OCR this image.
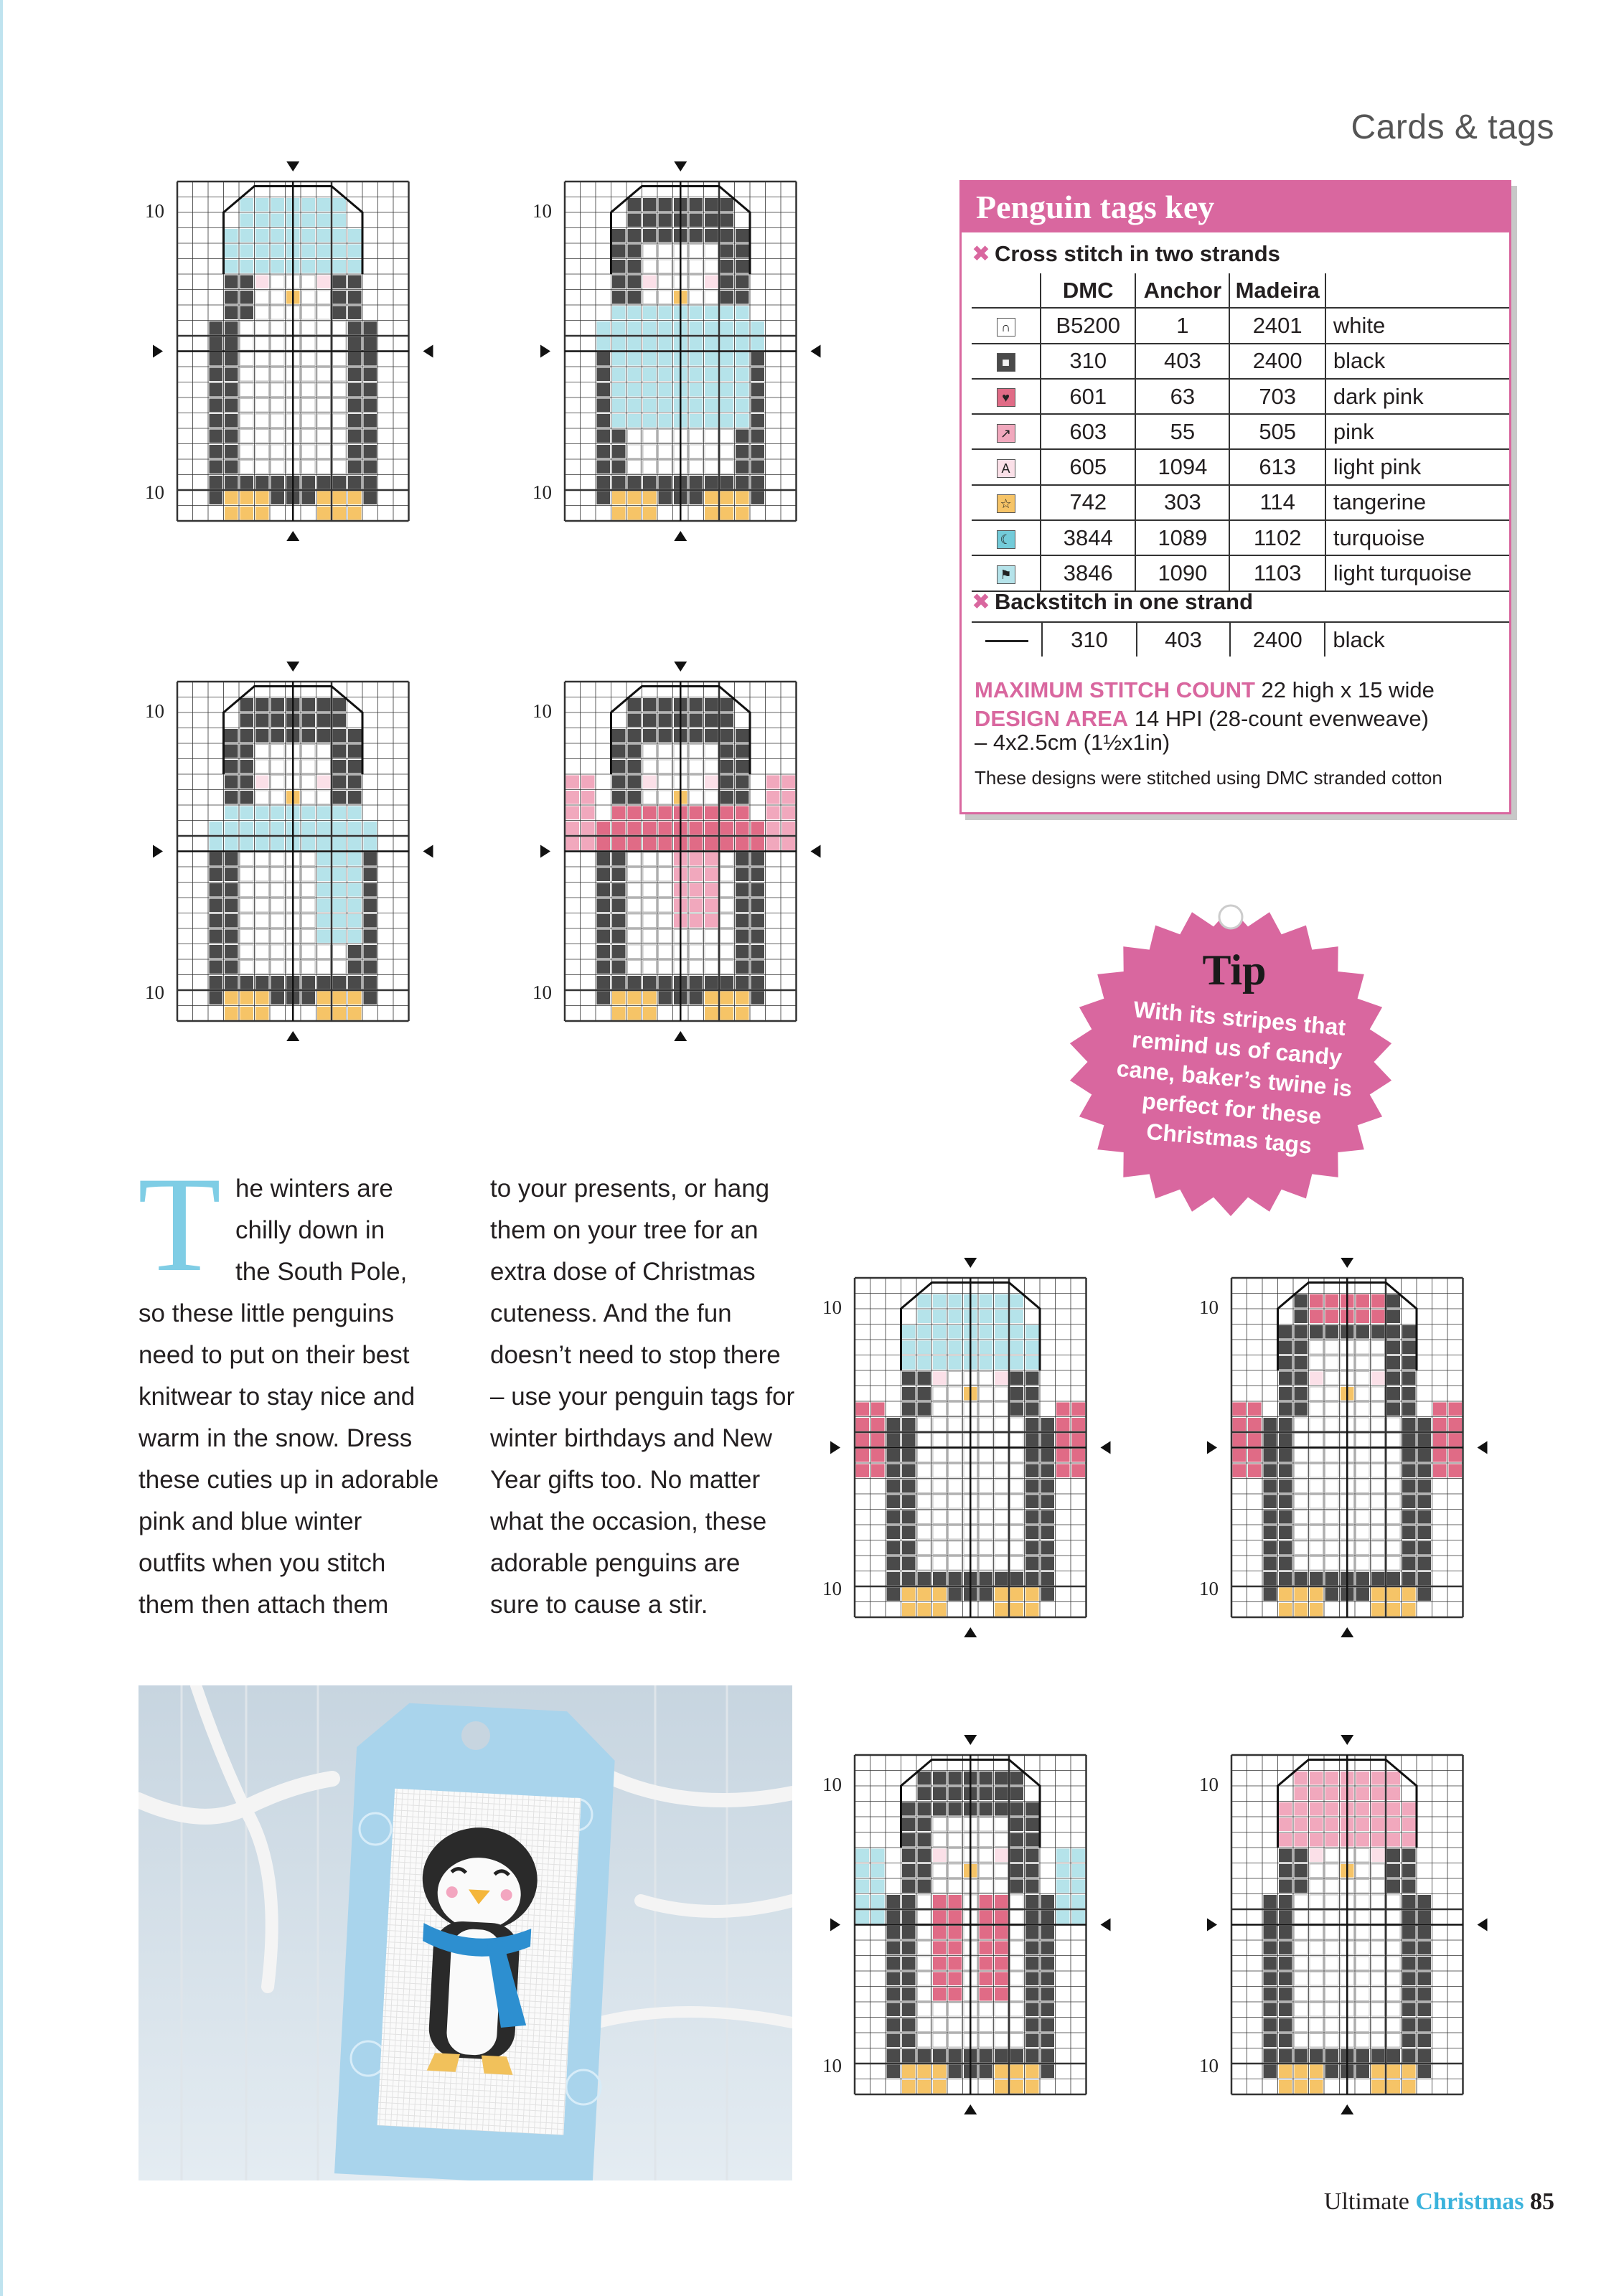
Cards & tags
10
10
10
10
10
10
10
10
10
10
10
10
10
10
10
10
Penguin tags key
✖ Cross stitch in two strands
	DMC	Anchor	Madeira	
∩	B5200	1	2401	white
■	310	403	2400	black
♥	601	63	703	dark pink
↗	603	55	505	pink
A	605	1094	613	light pink
☆	742	303	114	tangerine
☾	3844	1089	1102	turquoise
⚑	3846	1090	1103	light turquoise
✖ Backstitch in one strand
	310	403	2400	black
MAXIMUM STITCH COUNT 22 high x 15 wide
DESIGN AREA 14 HPI (28-count evenweave)
– 4x2.5cm (1½x1in)
These designs were stitched using DMC stranded cotton
Tip
With its stripes that remind us of candy cane, baker’s twine is perfect for these Christmas tags
T he winters are
chilly down in
the South Pole,
so these little penguins
need to put on their best
knitwear to stay nice and
warm in the snow. Dress
these cuties up in adorable
pink and blue winter
outfits when you stitch
them then attach them
to your presents, or hang
them on your tree for an
extra dose of Christmas
cuteness. And the fun
doesn’t need to stop there
– use your penguin tags for
winter birthdays and New
Year gifts too. No matter
what the occasion, these
adorable penguins are
sure to cause a stir.
Ultimate Christmas 85
